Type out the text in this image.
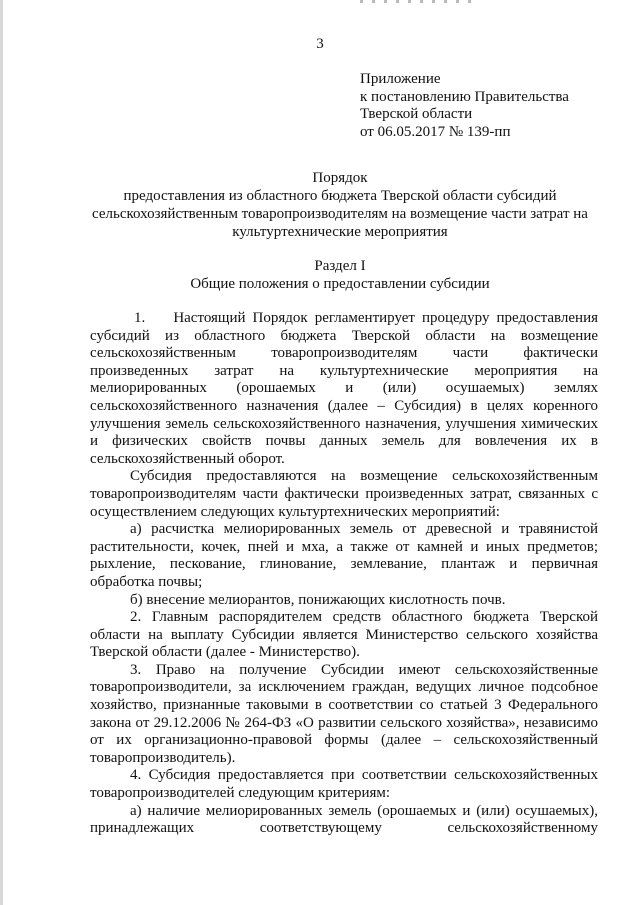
3
Приложение
к постановлению Правительства
Тверской области
от 06.05.2017 № 139-пп
Порядок
предоставления из областного бюджета Тверской области субсидий
сельскохозяйственным товаропроизводителям на возмещение части затрат на
культуртехнические мероприятия
Раздел I
Общие положения о предоставлении субсидии

1.    Настоящий Порядок регламентирует процедуру предоставления субсидий из областного бюджета Тверской области на возмещение сельскохозяйственным товаропроизводителям части фактически произведенных затрат на культуртехнические мероприятия на мелиорированных (орошаемых и (или) осушаемых) землях сельскохозяйственного назначения (далее – Субсидия) в целях коренного улучшения земель сельскохозяйственного назначения, улучшения химических и физических свойств почвы данных земель для вовлечения их в сельскохозяйственный оборот.

Субсидия предоставляются на возмещение сельскохозяйственным товаропроизводителям части фактически произведенных затрат, связанных с осуществлением следующих культуртехнических мероприятий:

а) расчистка мелиорированных земель от древесной и травянистой растительности, кочек, пней и мха, а также от камней и иных предметов; рыхление, пескование, глинование, землевание, плантаж и первичная обработка почвы;

б) внесение мелиорантов, понижающих кислотность почв.

2. Главным распорядителем средств областного бюджета Тверской области на выплату Субсидии является Министерство сельского хозяйства Тверской области (далее - Министерство).

3. Право на получение Субсидии имеют сельскохозяйственные товаропроизводители, за исключением граждан, ведущих личное подсобное хозяйство, признанные таковыми в соответствии со статьей 3 Федерального закона от 29.12.2006 № 264-ФЗ «О развитии сельского хозяйства», независимо от их организационно-правовой формы (далее – сельскохозяйственный товаропроизводитель).

4. Субсидия предоставляется при соответствии сельскохозяйственных товаропроизводителей следующим критериям:

а) наличие мелиорированных земель (орошаемых и (или) осушаемых), принадлежащих соответствующему сельскохозяйственному
